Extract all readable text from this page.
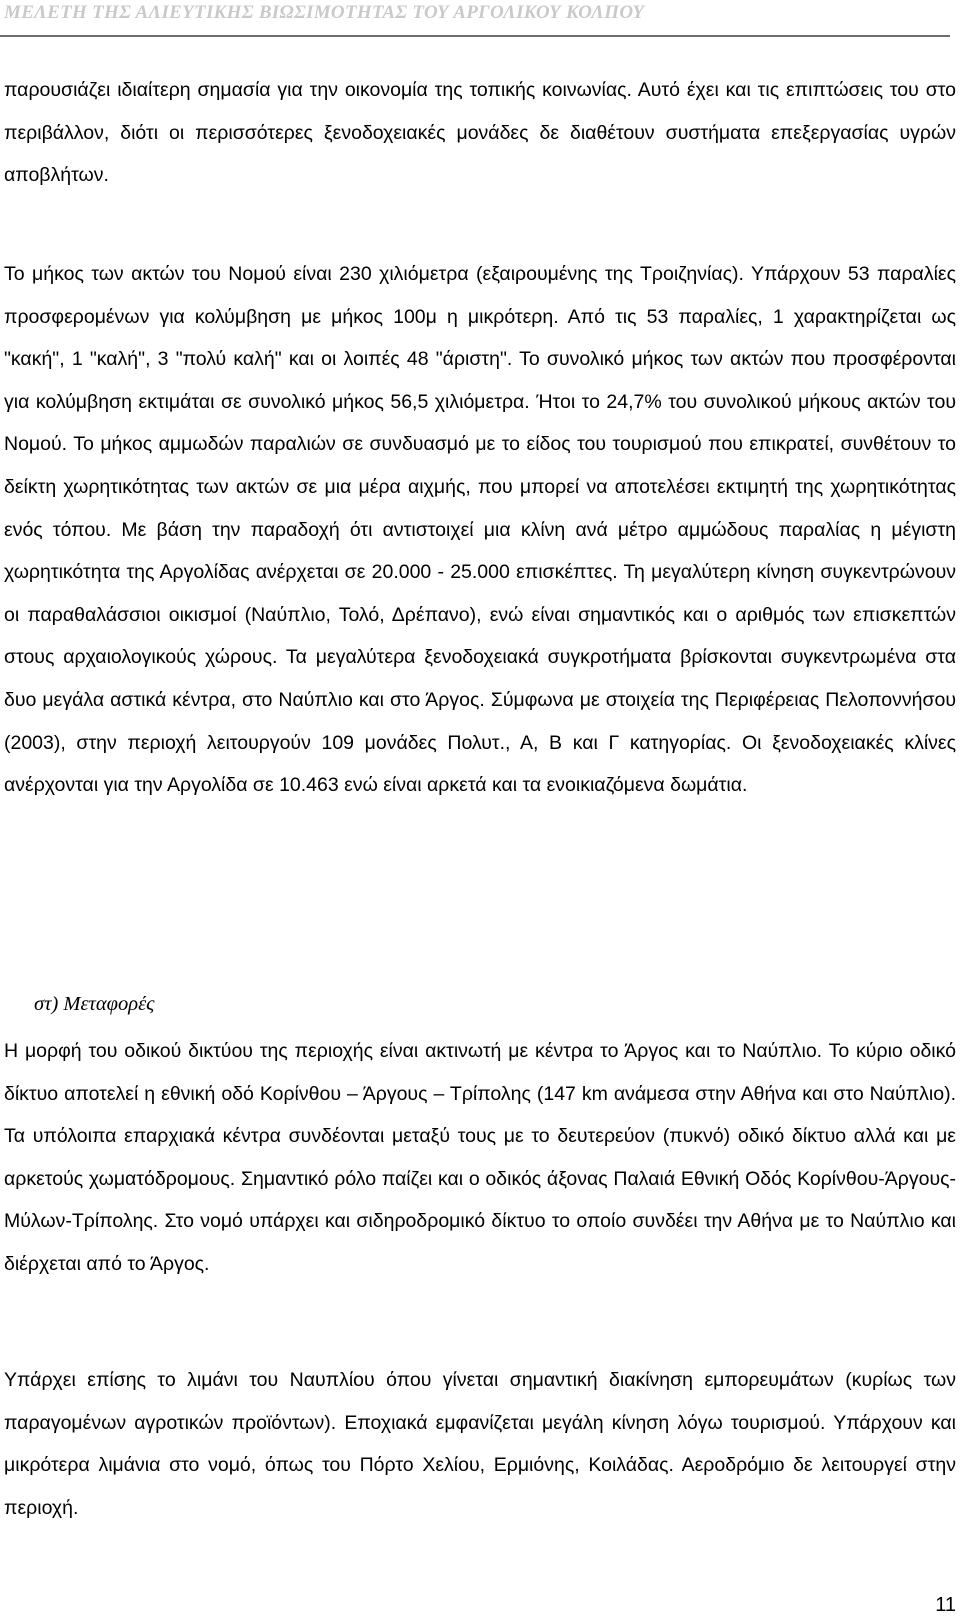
ΜΕΛΕΤΗ ΤΗΣ ΑΛΙΕΥΤΙΚΗΣ ΒΙΩΣΙΜΟΤΗΤΑΣ ΤΟΥ ΑΡΓΟΛΙΚΟΥ ΚΟΛΠΟΥ

παρουσιάζει ιδιαίτερη σημασία για την οικονομία της τοπικής κοινωνίας. Αυτό έχει και τις επιπτώσεις του στο περιβάλλον, διότι οι περισσότερες ξενοδοχειακές μονάδες δε διαθέτουν συστήματα επεξεργασίας υγρών αποβλήτων.

Το μήκος των ακτών του Νομού είναι 230 χιλιόμετρα (εξαιρουμένης της Τροιζηνίας). Υπάρχουν 53 παραλίες προσφερομένων για κολύμβηση με μήκος 100μ η μικρότερη. Από τις 53 παραλίες, 1 χαρακτηρίζεται ως "κακή", 1 "καλή", 3 "πολύ καλή" και οι λοιπές 48 "άριστη". Το συνολικό μήκος των ακτών που προσφέρονται για κολύμβηση εκτιμάται σε συνολικό μήκος 56,5 χιλιόμετρα. Ήτοι το 24,7% του συνολικού μήκους ακτών του Νομού. Το μήκος αμμωδών παραλιών σε συνδυασμό με το είδος του τουρισμού που επικρατεί, συνθέτουν το δείκτη χωρητικότητας των ακτών σε μια μέρα αιχμής, που μπορεί να αποτελέσει εκτιμητή της χωρητικότητας ενός τόπου. Με βάση την παραδοχή ότι αντιστοιχεί μια κλίνη ανά μέτρο αμμώδους παραλίας η μέγιστη χωρητικότητα της Αργολίδας ανέρχεται σε 20.000 - 25.000 επισκέπτες. Τη μεγαλύτερη κίνηση συγκεντρώνουν οι παραθαλάσσιοι οικισμοί (Ναύπλιο, Τολό, Δρέπανο), ενώ είναι σημαντικός και ο αριθμός των επισκεπτών στους αρχαιολογικούς χώρους. Τα μεγαλύτερα ξενοδοχειακά συγκροτήματα βρίσκονται συγκεντρωμένα στα δυο μεγάλα αστικά κέντρα, στο Ναύπλιο και στο Άργος. Σύμφωνα με στοιχεία της Περιφέρειας Πελοποννήσου (2003), στην περιοχή λειτουργούν 109 μονάδες Πολυτ., Α, Β και Γ κατηγορίας. Οι ξενοδοχειακές κλίνες ανέρχονται για την Αργολίδα σε 10.463 ενώ είναι αρκετά και τα ενοικιαζόμενα δωμάτια.

στ) Μεταφορές

Η μορφή του οδικού δικτύου της περιοχής είναι ακτινωτή με κέντρα το Άργος και το Ναύπλιο. Το κύριο οδικό δίκτυο αποτελεί η εθνική οδό Κορίνθου – Άργους – Τρίπολης (147 km ανάμεσα στην Αθήνα και στο Ναύπλιο). Τα υπόλοιπα επαρχιακά κέντρα συνδέονται μεταξύ τους με το δευτερεύον (πυκνό) οδικό δίκτυο αλλά και με αρκετούς χωματόδρομους. Σημαντικό ρόλο παίζει και ο οδικός άξονας Παλαιά Εθνική Οδός Κορίνθου-Άργους-Μύλων-Τρίπολης. Στο νομό υπάρχει και σιδηροδρομικό δίκτυο το οποίο συνδέει την Αθήνα με το Ναύπλιο και διέρχεται από το Άργος.

Υπάρχει επίσης το λιμάνι του Ναυπλίου όπου γίνεται σημαντική διακίνηση εμπορευμάτων (κυρίως των παραγομένων αγροτικών προϊόντων). Εποχιακά εμφανίζεται μεγάλη κίνηση λόγω τουρισμού. Υπάρχουν και μικρότερα λιμάνια στο νομό, όπως του Πόρτο Χελίου, Ερμιόνης, Κοιλάδας. Αεροδρόμιο δε λειτουργεί στην περιοχή.

11
